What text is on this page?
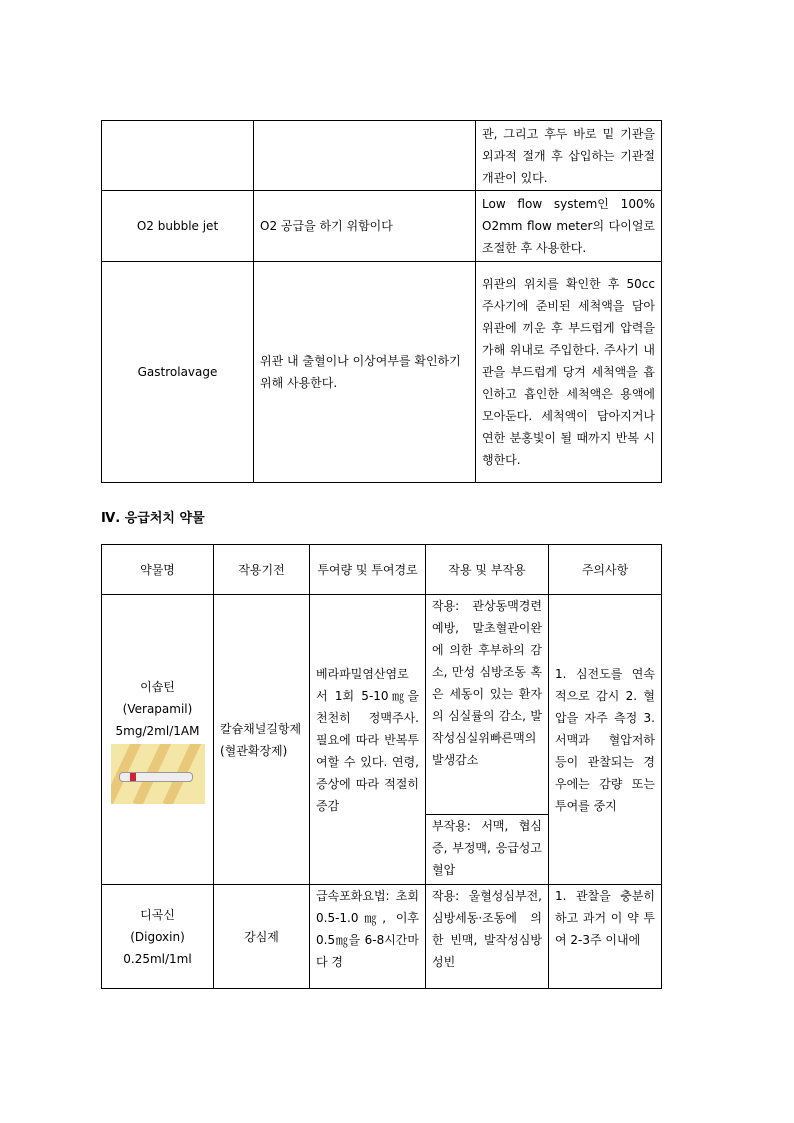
		관, 그리고 후두 바로 밑 기관을 외과적 절개 후 삽입하는 기관절개관이 있다.
O2 bubble jet	O2 공급을 하기 위함이다	Low flow system인 100% O2mm flow meter의 다이얼로 조절한 후 사용한다.
Gastrolavage	위관 내 출혈이나 이상여부를 확인하기 위해 사용한다.	위관의 위치를 확인한 후 50cc 주사기에 준비된 세척액을 담아 위관에 끼운 후 부드럽게 압력을 가해 위내로 주입한다. 주사기 내관을 부드럽게 당겨 세척액을 흡인하고 흡인한 세척액은 용액에 모아둔다. 세척액이 담아지거나 연한 분홍빛이 될 때까지 반복 시행한다.
Ⅳ. 응급처치 약물
약물명	작용기전	투여량 및 투여경로	작용 및 부작용	주의사항

이솝틴
(Verapamil)
5mg/2ml/1AM	칼슘채널길항제 (혈관확장제)	베라파밀염산염로서 1회 5-10㎎을 천천히 정맥주사. 필요에 따라 반복투여할 수 있다. 연령, 증상에 따라 적절히 증감	작용: 관상동맥경련 예방, 말초혈관이완에 의한 후부하의 감소, 만성 심방조동 혹은 세동이 있는 환자의 심실률의 감소, 발작성심실위빠른맥의 발생감소	1. 심전도를 연속적으로 감시 2. 혈압을 자주 측정 3. 서맥과 혈압저하 등이 관찰되는 경우에는 감량 또는 투여를 중지
			부작용: 서맥, 협심증, 부정맥, 응급성고혈압	

디곡신
(Digoxin)
0.25ml/1ml	강심제	급속포화요법: 초회 0.5-1.0㎎, 이후 0.5㎎을 6-8시간마다 경	작용: 울혈성심부전, 심방세동·조동에 의한 빈맥, 발작성심방성빈	1. 관찰을 충분히 하고 과거 이 약 투여 2-3주 이내에
